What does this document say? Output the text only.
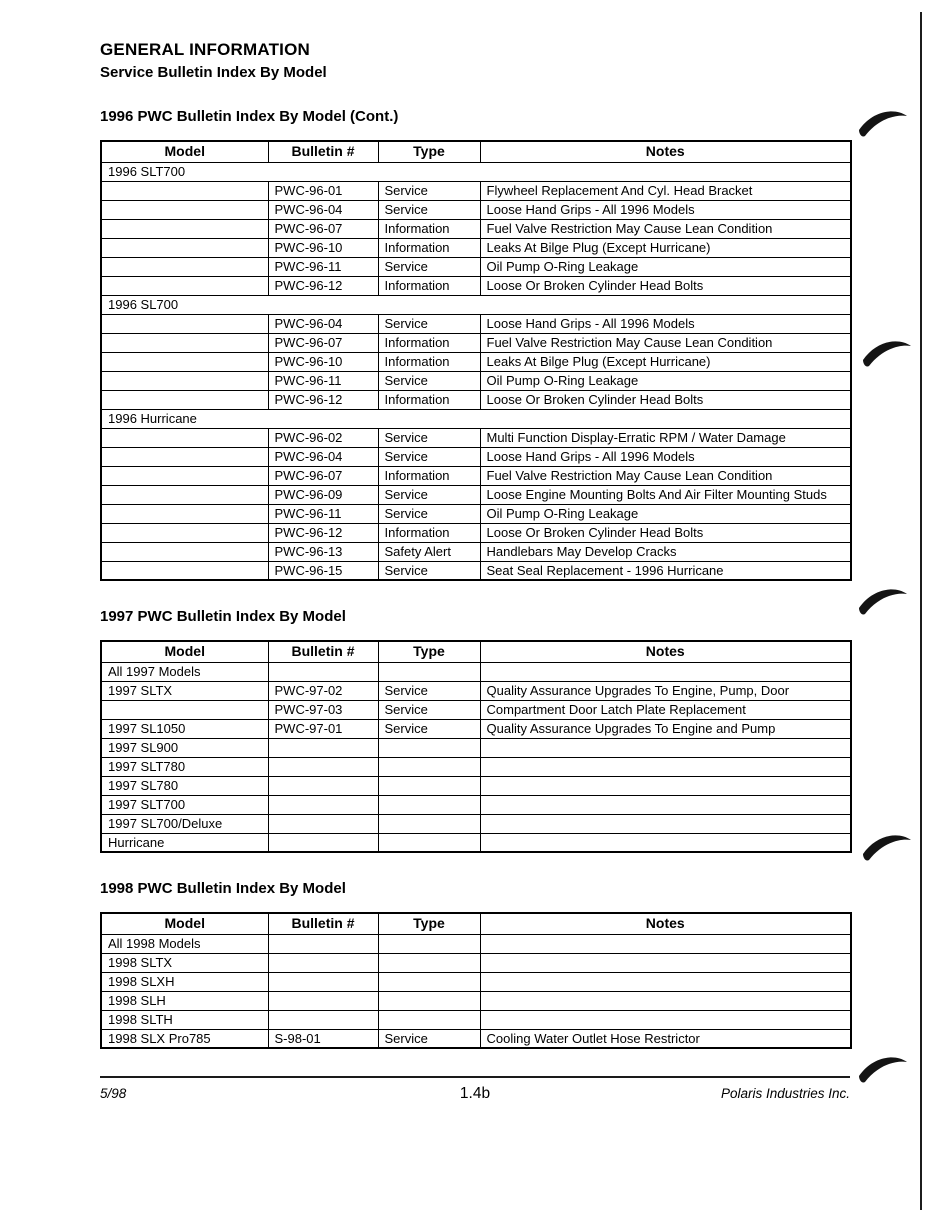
GENERAL INFORMATION
Service Bulletin Index By Model
1996 PWC Bulletin Index By Model (Cont.)
Model	Bulletin #	Type	Notes
1996 SLT700			
	PWC-96-01	Service	Flywheel Replacement And Cyl. Head Bracket
	PWC-96-04	Service	Loose Hand Grips - All 1996 Models
	PWC-96-07	Information	Fuel Valve Restriction May Cause Lean Condition
	PWC-96-10	Information	Leaks At Bilge Plug (Except Hurricane)
	PWC-96-11	Service	Oil Pump O-Ring Leakage
	PWC-96-12	Information	Loose Or Broken Cylinder Head Bolts
1996 SL700			
	PWC-96-04	Service	Loose Hand Grips - All 1996 Models
	PWC-96-07	Information	Fuel Valve Restriction May Cause Lean Condition
	PWC-96-10	Information	Leaks At Bilge Plug (Except Hurricane)
	PWC-96-11	Service	Oil Pump O-Ring Leakage
	PWC-96-12	Information	Loose Or Broken Cylinder Head Bolts
1996 Hurricane			
	PWC-96-02	Service	Multi Function Display-Erratic RPM / Water Damage
	PWC-96-04	Service	Loose Hand Grips - All 1996 Models
	PWC-96-07	Information	Fuel Valve Restriction May Cause Lean Condition
	PWC-96-09	Service	Loose Engine Mounting Bolts And Air Filter Mounting Studs
	PWC-96-11	Service	Oil Pump O-Ring Leakage
	PWC-96-12	Information	Loose Or Broken Cylinder Head Bolts
	PWC-96-13	Safety Alert	Handlebars May Develop Cracks
	PWC-96-15	Service	Seat Seal Replacement - 1996 Hurricane
1997 PWC Bulletin Index By Model
Model	Bulletin #	Type	Notes
All 1997 Models			
1997 SLTX	PWC-97-02	Service	Quality Assurance Upgrades To Engine, Pump, Door
	PWC-97-03	Service	Compartment Door Latch Plate Replacement
1997 SL1050	PWC-97-01	Service	Quality Assurance Upgrades To Engine and Pump
1997 SL900			
1997 SLT780			
1997 SL780			
1997 SLT700			
1997 SL700/Deluxe			
Hurricane			
1998 PWC Bulletin Index By Model
Model	Bulletin #	Type	Notes
All 1998 Models			
1998 SLTX			
1998 SLXH			
1998 SLH			
1998 SLTH			
1998 SLX Pro785	S-98-01	Service	Cooling Water Outlet Hose Restrictor
5/98	1.4b	Polaris Industries Inc.
